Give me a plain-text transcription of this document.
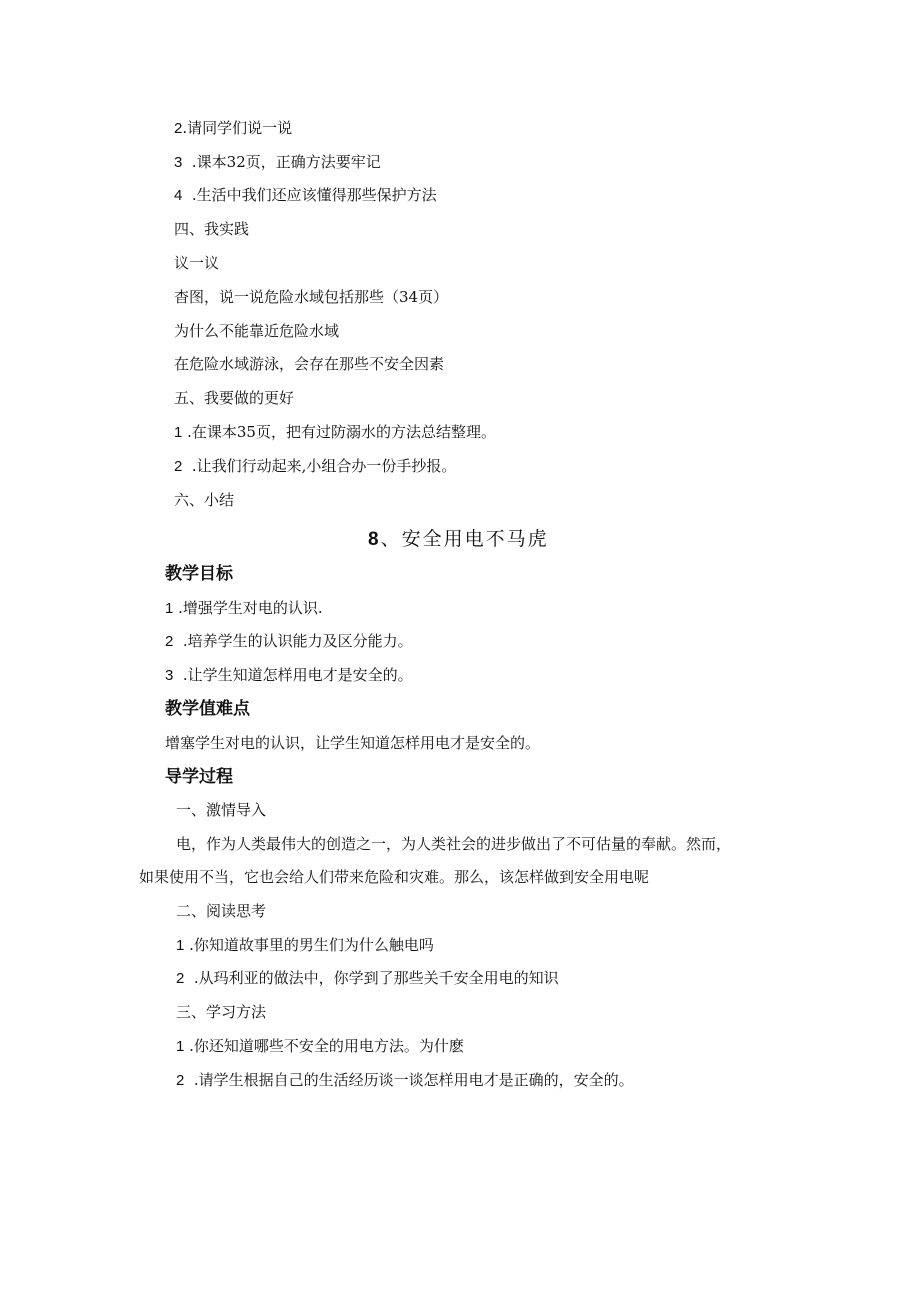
2.请同学们说一说
3 .课本32页，正确方法要牢记
4 .生活中我们还应该懂得那些保护方法
四、我实践
议一议
杳图，说一说危险水域包括那些（34页）
为什么不能靠近危险水域
在危险水域游泳，会存在那些不安全因素
五、我要做的更好
1 .在课本35页，把有过防溺水的方法总结整理。
2 .让我们行动起来,小组合办一份手抄报。
六、小结
8、安全用电不马虎
教学目标
1 .增强学生对电的认识.
2 .培养学生的认识能力及区分能力。
3 .让学生知道怎样用电才是安全的。
教学值难点
增塞学生对电的认识，让学生知道怎样用电才是安全的。
导学过程
一、激情导入
电，作为人类最伟大的创造之一，为人类社会的进步做出了不可估量的奉献。然而，
如果使用不当，它也会给人们带来危险和灾难。那么，该怎样做到安全用电呢
二、阅读思考
1 .你知道故事里的男生们为什么触电吗
2 .从玛利亚的做法中，你学到了那些关千安全用电的知识
三、学习方法
1 .你还知道哪些不安全的用电方法。为什麽
2 .请学生根据自己的生活经历谈一谈怎样用电才是正确的，安全的。
